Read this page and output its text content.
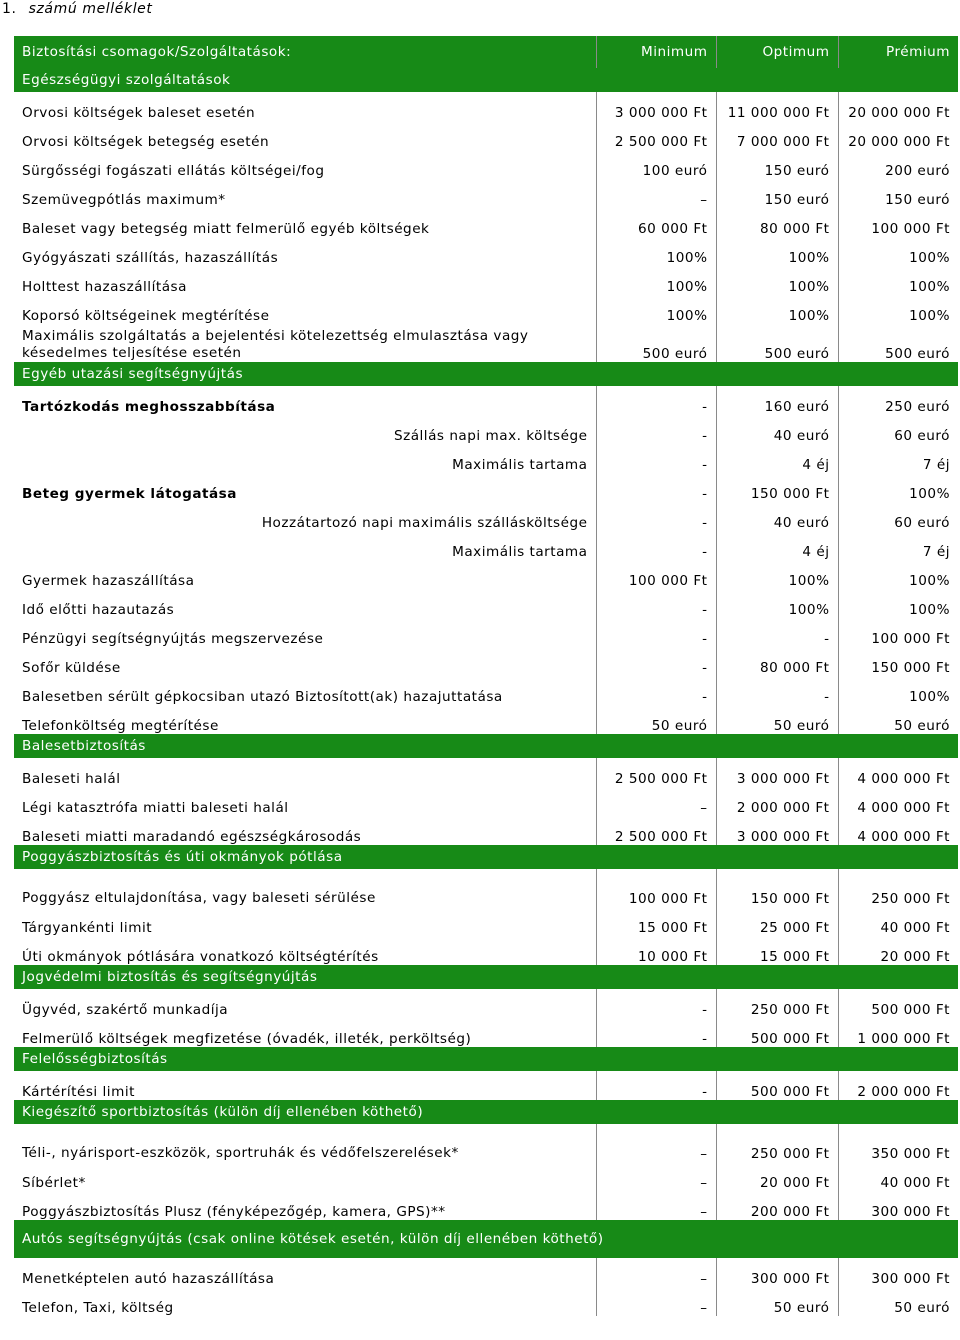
1. számú melléklet
Biztosítási csomagok/Szolgáltatások:	Minimum	Optimum	Prémium
Egészségügyi szolgáltatások			
Orvosi költségek baleset esetén	3 000 000 Ft	11 000 000 Ft	20 000 000 Ft
Orvosi költségek betegség esetén	2 500 000 Ft	7 000 000 Ft	20 000 000 Ft
Sürgősségi fogászati ellátás költségei/fog	100 euró	150 euró	200 euró
Szemüvegpótlás maximum*	–	150 euró	150 euró
Baleset vagy betegség miatt felmerülő egyéb költségek	60 000 Ft	80 000 Ft	100 000 Ft
Gyógyászati szállítás, hazaszállítás	100%	100%	100%
Holttest hazaszállítása	100%	100%	100%
Koporsó költségeinek megtérítése	100%	100%	100%
Maximális szolgáltatás a bejelentési kötelezettség elmulasztása vagy késedelmes teljesítése esetén	500 euró	500 euró	500 euró
Egyéb utazási segítségnyújtás			
Tartózkodás meghosszabbítása	-	160 euró	250 euró
Szállás napi max. költsége	-	40 euró	60 euró
Maximális tartama	-	4 éj	7 éj
Beteg gyermek látogatása	-	150 000 Ft	100%
Hozzátartozó napi maximális szállásköltsége	-	40 euró	60 euró
Maximális tartama	-	4 éj	7 éj
Gyermek hazaszállítása	100 000 Ft	100%	100%
Idő előtti hazautazás	-	100%	100%
Pénzügyi segítségnyújtás megszervezése	-	-	100 000 Ft
Sofőr küldése	-	80 000 Ft	150 000 Ft
Balesetben sérült gépkocsiban utazó Biztosított(ak) hazajuttatása	-	-	100%
Telefonköltség megtérítése	50 euró	50 euró	50 euró
Balesetbiztosítás			
Baleseti halál	2 500 000 Ft	3 000 000 Ft	4 000 000 Ft
Légi katasztrófa miatti baleseti halál	–	2 000 000 Ft	4 000 000 Ft
Baleseti miatti maradandó egészségkárosodás	2 500 000 Ft	3 000 000 Ft	4 000 000 Ft
Poggyászbiztosítás és úti okmányok pótlása			
Poggyász eltulajdonítása, vagy baleseti sérülése	100 000 Ft	150 000 Ft	250 000 Ft
Tárgyankénti limit	15 000 Ft	25 000 Ft	40 000 Ft
Úti okmányok pótlására vonatkozó költségtérítés	10 000 Ft	15 000 Ft	20 000 Ft
Jogvédelmi biztosítás és segítségnyújtás			
Ügyvéd, szakértő munkadíja	-	250 000 Ft	500 000 Ft
Felmerülő költségek megfizetése (óvadék, illeték, perköltség)	-	500 000 Ft	1 000 000 Ft
Felelősségbiztosítás			
Kártérítési limit	-	500 000 Ft	2 000 000 Ft
Kiegészítő sportbiztosítás (külön díj ellenében köthető)			
Téli-, nyárisport-eszközök, sportruhák és védőfelszerelések*	–	250 000 Ft	350 000 Ft
Síbérlet*	–	20 000 Ft	40 000 Ft
Poggyászbiztosítás Plusz (fényképezőgép, kamera, GPS)**	–	200 000 Ft	300 000 Ft
Autós segítségnyújtás (csak online kötések esetén, külön díj ellenében köthető)			
Menetképtelen autó hazaszállítása	–	300 000 Ft	300 000 Ft
Telefon, Taxi, költség	–	50 euró	50 euró
